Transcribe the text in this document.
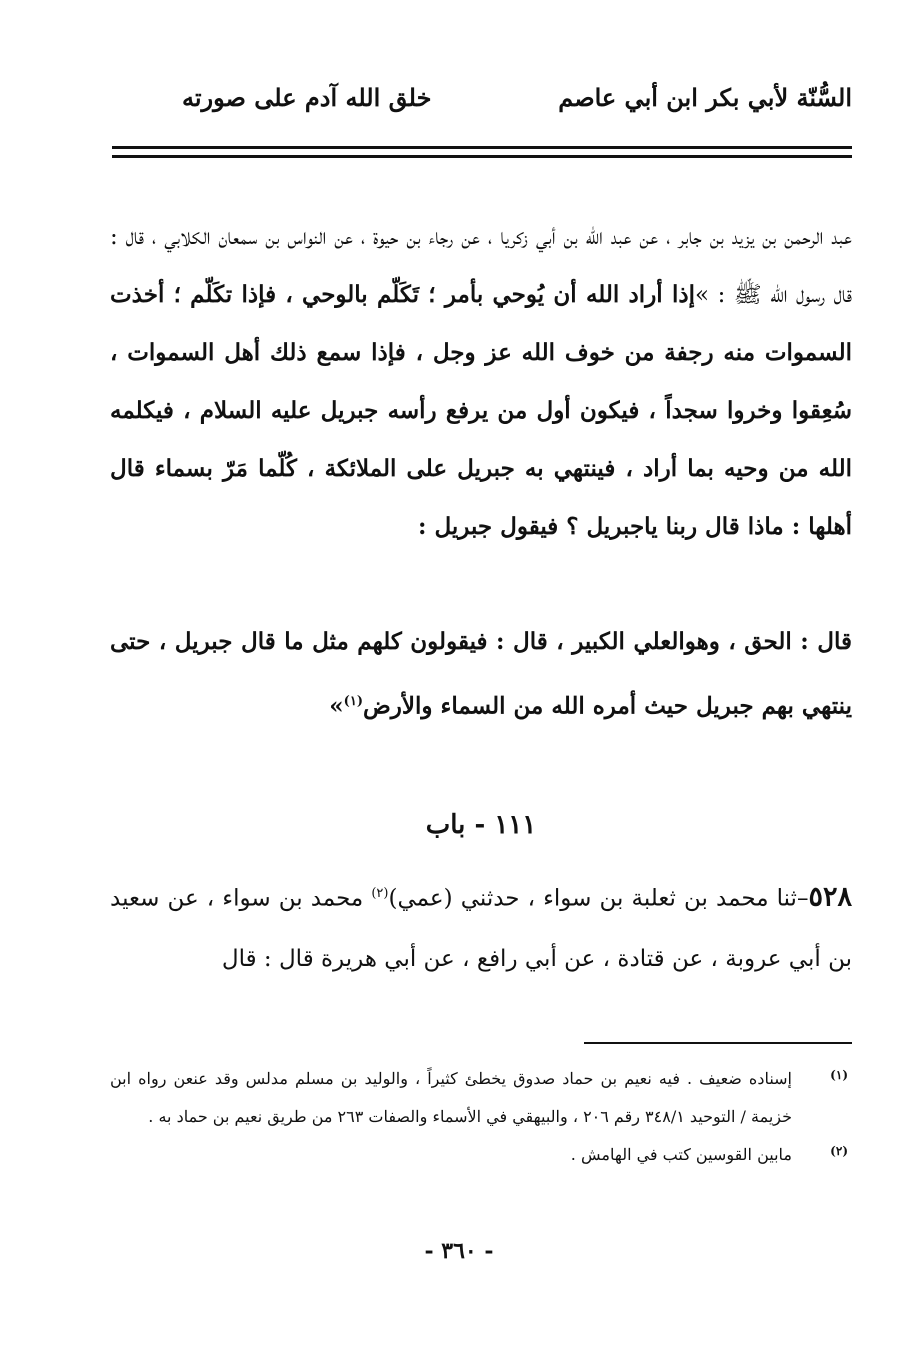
السُّنّة لأبي بكر ابن أبي عاصم
خلق الله آدم على صورته
عبد الرحمن بن يزيد بن جابر ، عن عبد الله بن أبي زكريا ، عن رجاء بن حيوة ، عن النواس بن سمعان الكلابي ، قال : قال رسول الله ﷺ : »إذا أراد الله أن يُوحي بأمر ؛ تَكَلّم بالوحي ، فإذا تكَلّم ؛ أخذت السموات منه رجفة من خوف الله عز وجل ، فإذا سمع ذلك أهل السموات ، سُعِقوا وخروا سجداً ، فيكون أول من يرفع رأسه جبريل عليه السلام ، فيكلمه الله من وحيه بما أراد ، فينتهي به جبريل على الملائكة ، كُلّما مَرّ بسماء قال أهلها : ماذا قال ربنا ياجبريل ؟ فيقول جبريل :
قال : الحق ، وهوالعلي الكبير ، قال : فيقولون كلهم مثل ما قال جبريل ، حتى ينتهي بهم جبريل حيث أمره الله من السماء والأرض$^{(١)}$»
١١١ - باب
٥٢٨–ثنا محمد بن ثعلبة بن سواء ، حدثني (عمي)$^{(٢)}$ محمد بن سواء ، عن سعيد بن أبي عروبة ، عن قتادة ، عن أبي رافع ، عن أبي هريرة قال : قال
(١)
إسناده ضعيف . فيه نعيم بن حماد صدوق يخطئ كثيراً ، والوليد بن مسلم مدلس وقد عنعن رواه ابن خزيمة / التوحيد ٣٤٨/١ رقم ٢٠٦ ، والبيهقي في الأسماء والصفات ٢٦٣ من طريق نعيم بن حماد به .
(٢)
مابين القوسين كتب في الهامش .
- ٣٦٠ -
